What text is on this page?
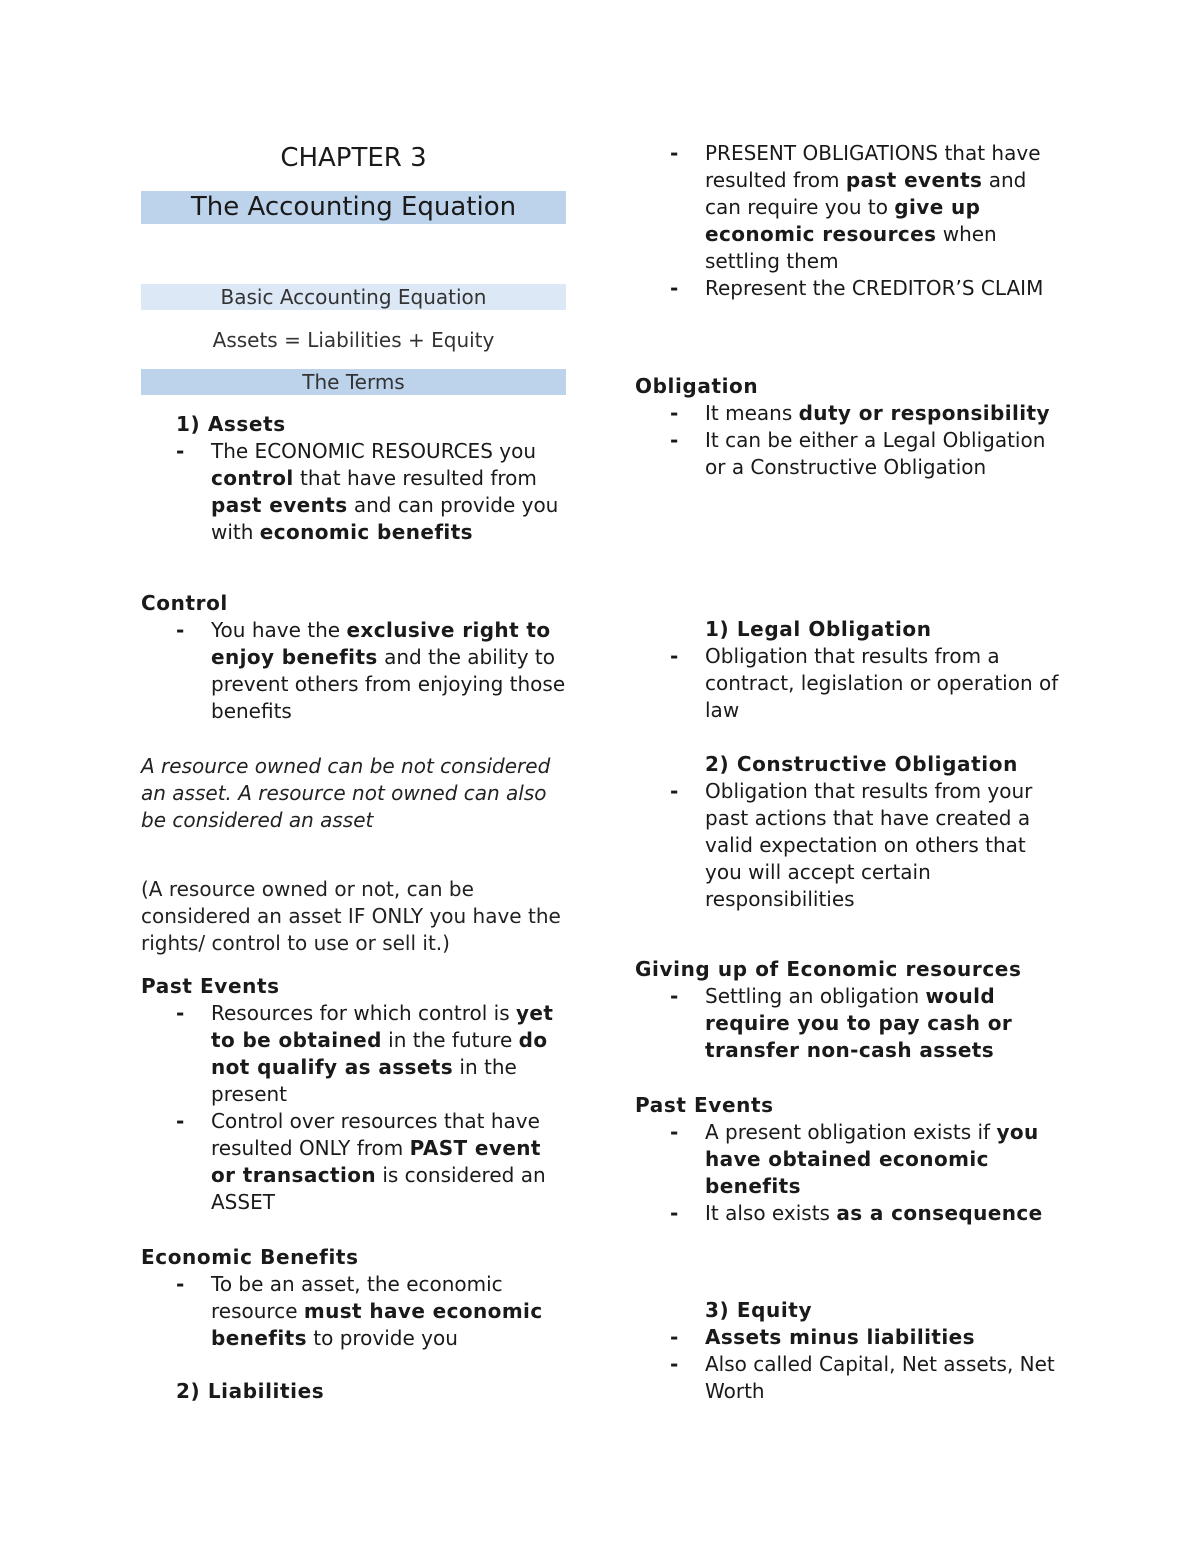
CHAPTER 3
The Accounting Equation
Basic Accounting Equation
Assets = Liabilities + Equity
The Terms
1) Assets
- The ECONOMIC RESOURCES you control that have resulted from past events and can provide you with economic benefits
Control
- You have the exclusive right to enjoy benefits and the ability to prevent others from enjoying those benefits
A resource owned can be not considered an asset. A resource not owned can also be considered an asset
(A resource owned or not, can be considered an asset IF ONLY you have the rights/ control to use or sell it.)
Past Events
- Resources for which control is yet to be obtained in the future do not qualify as assets in the present
- Control over resources that have resulted ONLY from PAST event or transaction is considered an ASSET
Economic Benefits
- To be an asset, the economic resource must have economic benefits to provide you
2) Liabilities
- PRESENT OBLIGATIONS that have resulted from past events and can require you to give up economic resources when settling them
- Represent the CREDITOR’S CLAIM
Obligation
- It means duty or responsibility
- It can be either a Legal Obligation or a Constructive Obligation
1) Legal Obligation
- Obligation that results from a contract, legislation or operation of law
2) Constructive Obligation
- Obligation that results from your past actions that have created a valid expectation on others that you will accept certain responsibilities
Giving up of Economic resources
- Settling an obligation would require you to pay cash or transfer non-cash assets
Past Events
- A present obligation exists if you have obtained economic benefits
- It also exists as a consequence
3) Equity
- Assets minus liabilities
- Also called Capital, Net assets, Net Worth
